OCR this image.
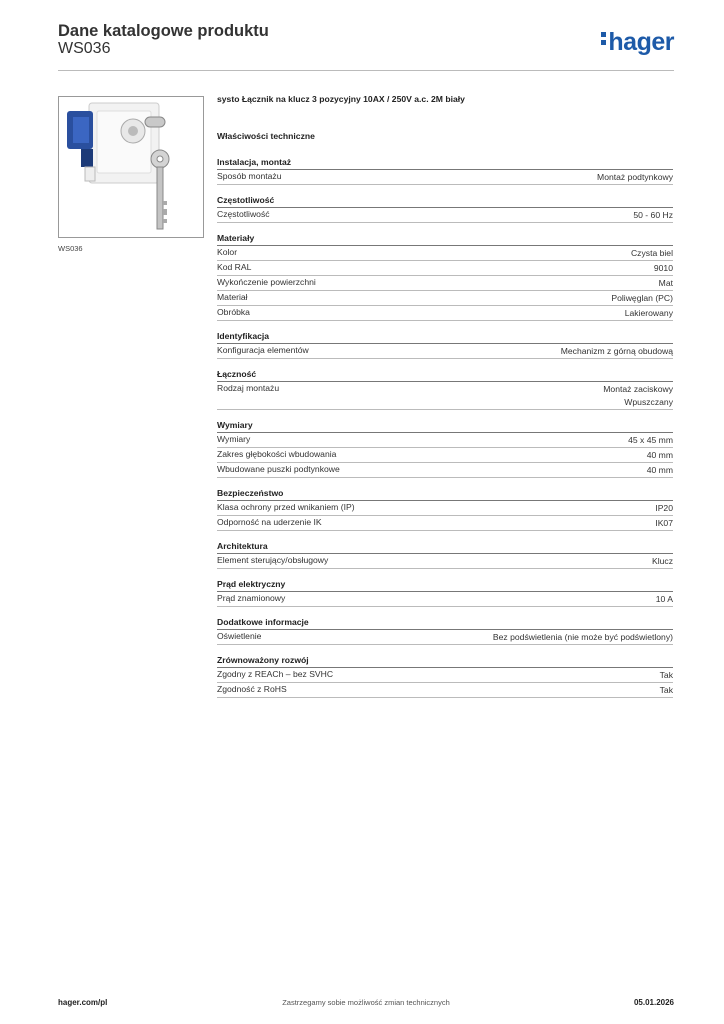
Dane katalogowe produktu
WS036	hager
WS036
systo Łącznik na klucz 3 pozycyjny 10AX / 250V a.c. 2M biały
Właściwości techniczne
Instalacja, montaż
Sposób montażu	Montaż podtynkowy
Częstotliwość
Częstotliwość	50 - 60 Hz
Materiały
Kolor	Czysta biel
Kod RAL	9010
Wykończenie powierzchni	Mat
Materiał	Poliwęglan (PC)
Obróbka	Lakierowany
Identyfikacja
Konfiguracja elementów	Mechanizm z górną obudową
Łączność
Rodzaj montażu	Montaż zaciskowy
Wpuszczany
Wymiary
Wymiary	45 x 45 mm
Zakres głębokości wbudowania	40 mm
Wbudowane puszki podtynkowe	40 mm
Bezpieczeństwo
Klasa ochrony przed wnikaniem (IP)	IP20
Odporność na uderzenie IK	IK07
Architektura
Element sterujący/obsługowy	Klucz
Prąd elektryczny
Prąd znamionowy	10 A
Dodatkowe informacje
Oświetlenie	Bez podświetlenia (nie może być podświetlony)
Zrównoważony rozwój
Zgodny z REACh – bez SVHC	Tak
Zgodność z RoHS	Tak
hager.com/pl	Zastrzegamy sobie możliwość zmian technicznych	05.01.2026
